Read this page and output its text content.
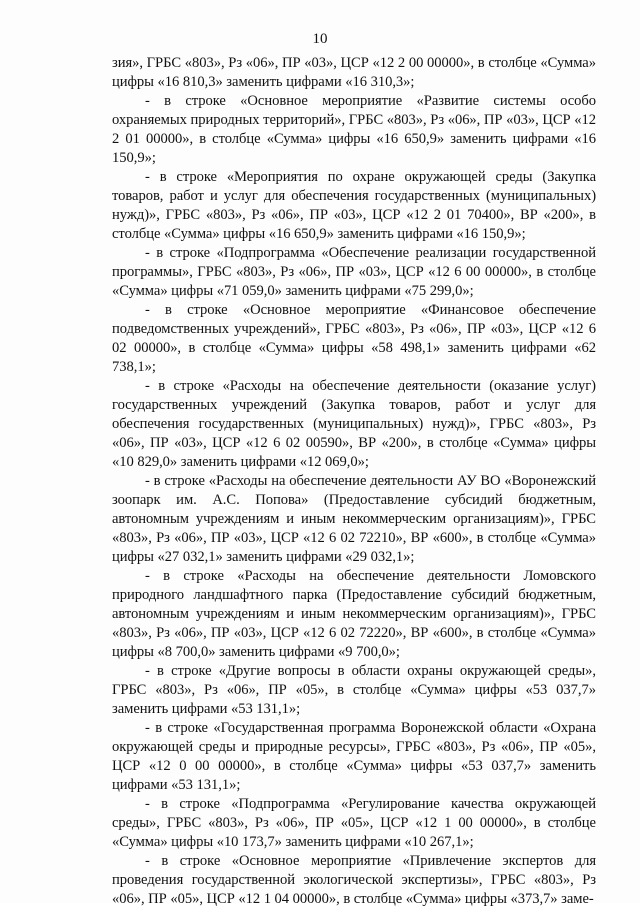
10

зия», ГРБС «803», Рз «06», ПР «03», ЦСР «12 2 00 00000», в столбце «Сумма» цифры «16 810,3» заменить цифрами «16 310,3»;

- в строке «Основное мероприятие «Развитие системы особо охраняемых природных территорий», ГРБС «803», Рз «06», ПР «03», ЦСР «12 2 01 00000», в столбце «Сумма» цифры «16 650,9» заменить цифрами «16 150,9»;

- в строке «Мероприятия по охране окружающей среды (Закупка товаров, работ и услуг для обеспечения государственных (муниципальных) нужд)», ГРБС «803», Рз «06», ПР «03», ЦСР «12 2 01 70400», ВР «200», в столбце «Сумма» цифры «16 650,9» заменить цифрами «16 150,9»;

- в строке «Подпрограмма «Обеспечение реализации государственной программы», ГРБС «803», Рз «06», ПР «03», ЦСР «12 6 00 00000», в столбце «Сумма» цифры «71 059,0» заменить цифрами «75 299,0»;

- в строке «Основное мероприятие «Финансовое обеспечение подведомственных учреждений», ГРБС «803», Рз «06», ПР «03», ЦСР «12 6 02 00000», в столбце «Сумма» цифры «58 498,1» заменить цифрами «62 738,1»;

- в строке «Расходы на обеспечение деятельности (оказание услуг) государственных учреждений (Закупка товаров, работ и услуг для обеспечения государственных (муниципальных) нужд)», ГРБС «803», Рз «06», ПР «03», ЦСР «12 6 02 00590», ВР «200», в столбце «Сумма» цифры «10 829,0» заменить цифрами «12 069,0»;

- в строке «Расходы на обеспечение деятельности АУ ВО «Воронежский зоопарк им. А.С. Попова» (Предоставление субсидий бюджетным, автономным учреждениям и иным некоммерческим организациям)», ГРБС «803», Рз «06», ПР «03», ЦСР «12 6 02 72210», ВР «600», в столбце «Сумма» цифры «27 032,1» заменить цифрами «29 032,1»;

- в строке «Расходы на обеспечение деятельности Ломовского природного ландшафтного парка (Предоставление субсидий бюджетным, автономным учреждениям и иным некоммерческим организациям)», ГРБС «803», Рз «06», ПР «03», ЦСР «12 6 02 72220», ВР «600», в столбце «Сумма» цифры «8 700,0» заменить цифрами «9 700,0»;

- в строке «Другие вопросы в области охраны окружающей среды», ГРБС «803», Рз «06», ПР «05», в столбце «Сумма» цифры «53 037,7» заменить цифрами «53 131,1»;

- в строке «Государственная программа Воронежской области «Охрана окружающей среды и природные ресурсы», ГРБС «803», Рз «06», ПР «05», ЦСР «12 0 00 00000», в столбце «Сумма» цифры «53 037,7» заменить цифрами «53 131,1»;

- в строке «Подпрограмма «Регулирование качества окружающей среды», ГРБС «803», Рз «06», ПР «05», ЦСР «12 1 00 00000», в столбце «Сумма» цифры «10 173,7» заменить цифрами «10 267,1»;

- в строке «Основное мероприятие «Привлечение экспертов для проведения государственной экологической экспертизы», ГРБС «803», Рз «06», ПР «05», ЦСР «12 1 04 00000», в столбце «Сумма» цифры «373,7» заме-
